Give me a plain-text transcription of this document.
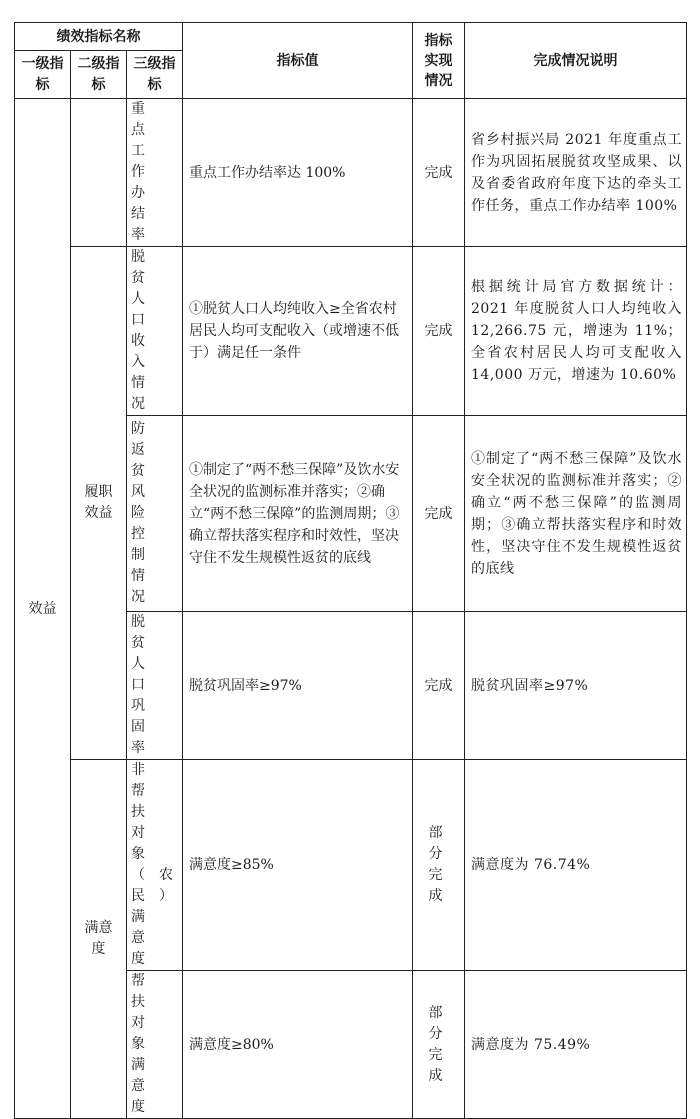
绩效指标名称			指标值	指标实现情况	完成情况说明

一级指标	二级指标	三级指标			

效益		重点工作办结率	重点工作办结率达 100%	完成	省乡村振兴局 2021 年度重点工作为巩固拓展脱贫攻坚成果、以及省委省政府年度下达的牵头工作任务，重点工作办结率 100%

	履职效益	脱贫人口收入情况	①脱贫人口人均纯收入≥全省农村居民人均可支配收入（或增速不低于）满足任一条件	完成	根据统计局官方数据统计：2021 年度脱贫人口人均纯收入 12,266.75 元，增速为 11%；全省农村居民人均可支配收入 14,000 万元，增速为 10.60%

		防返贫风险控制情况	①制定了“两不愁三保障”及饮水安全状况的监测标准并落实；②确立“两不愁三保障”的监测周期；③确立帮扶落实程序和时效性，坚决守住不发生规模性返贫的底线	完成	①制定了“两不愁三保障”及饮水安全状况的监测标准并落实；②确立“两不愁三保障”的监测周期；③确立帮扶落实程序和时效性，坚决守住不发生规模性返贫的底线

		脱贫人口巩固率	脱贫巩固率≥97%	完成	脱贫巩固率≥97%

	满意度	非帮扶对象（农民）满意度	满意度≥85%	部分完成	满意度为 76.74%

		帮扶对象满意度	满意度≥80%	部分完成	满意度为 75.49%
